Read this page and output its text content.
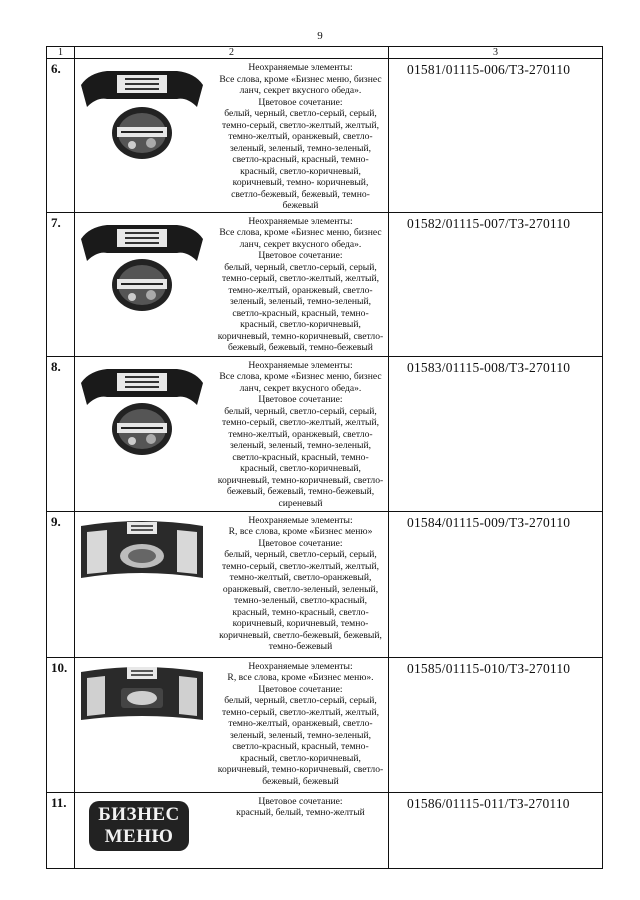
9
1	2	3

6.	Неохраняемые элементы:
Все слова, кроме «Бизнес меню, бизнес ланч, секрет вкусного обеда».
Цветовое сочетание:
белый, черный, светло-серый, серый, темно-серый, светло-желтый, желтый, темно-желтый, оранжевый, светло-зеленый, зеленый, темно-зеленый, светло-красный, красный, темно-красный, светло-коричневый, коричневый, темно- коричневый, светло-бежевый, бежевый, темно-бежевый	01581/01115-006/ТЗ-270110

7.	Неохраняемые элементы:
Все слова, кроме «Бизнес меню, бизнес ланч, секрет вкусного обеда».
Цветовое сочетание:
белый, черный, светло-серый, серый, темно-серый, светло-желтый, желтый, темно-желтый, оранжевый, светло-зеленый, зеленый, темно-зеленый, светло-красный, красный, темно-красный, светло-коричневый, коричневый, темно-коричневый, светло-бежевый, бежевый, темно-бежевый	01582/01115-007/ТЗ-270110

8.	Неохраняемые элементы:
Все слова, кроме «Бизнес меню, бизнес ланч, секрет вкусного обеда».
Цветовое сочетание:
белый, черный, светло-серый, серый, темно-серый, светло-желтый, желтый, темно-желтый, оранжевый, светло-зеленый, зеленый, темно-зеленый, светло-красный, красный, темно-красный, светло-коричневый, коричневый, темно-коричневый, светло-бежевый, бежевый, темно-бежевый, сиреневый	01583/01115-008/ТЗ-270110

9.	Неохраняемые элементы:
R, все слова, кроме «Бизнес меню»
Цветовое сочетание:
белый, черный, светло-серый, серый, темно-серый, светло-желтый, желтый, темно-желтый, светло-оранжевый, оранжевый, светло-зеленый, зеленый, темно-зеленый, светло-красный, красный, темно-красный, светло-коричневый, коричневый, темно-коричневый, светло-бежевый, бежевый, темно-бежевый	01584/01115-009/ТЗ-270110

10.	Неохраняемые элементы:
R, все слова, кроме «Бизнес меню».
Цветовое сочетание:
белый, черный, светло-серый, серый, темно-серый, светло-желтый, желтый, темно-желтый, оранжевый, светло-зеленый, зеленый, темно-зеленый, светло-красный, красный, темно-красный, светло-коричневый, коричневый, темно-коричневый, светло-бежевый, бежевый	01585/01115-010/ТЗ-270110

11.	БИЗНЕС
МЕНЮ
Цветовое сочетание:
красный, белый, темно-желтый	01586/01115-011/ТЗ-270110
